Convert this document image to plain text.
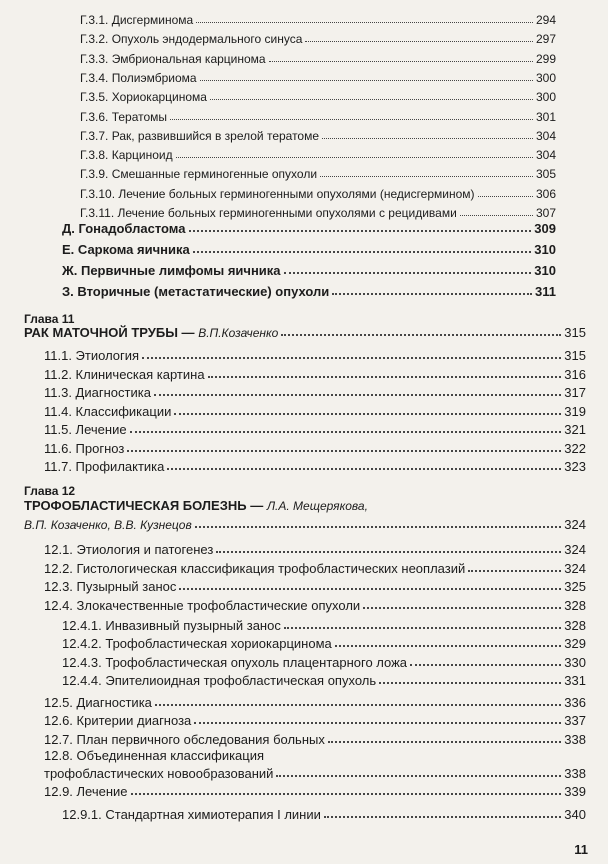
Г.3.1. Дисгерминома	294
Г.3.2. Опухоль эндодермального синуса	297
Г.3.3. Эмбриональная карцинома	299
Г.3.4. Полиэмбриома	300
Г.3.5. Хориокарцинома	300
Г.3.6. Тератомы	301
Г.3.7. Рак, развившийся в зрелой тератоме	304
Г.3.8. Карциноид	304
Г.3.9. Смешанные герминогенные опухоли	305
Г.3.10. Лечение больных герминогенными опухолями (недисгермином)	306
Г.3.11. Лечение больных герминогенными опухолями с рецидивами	307
Д. Гонадобластома	309
Е. Саркома яичника	310
Ж. Первичные лимфомы яичника	310
З. Вторичные (метастатические) опухоли	311
Глава 11
РАК МАТОЧНОЙ ТРУБЫ — В.П.Козаченко	315
11.1. Этиология	315
11.2. Клиническая картина	316
11.3. Диагностика	317
11.4. Классификации	319
11.5. Лечение	321
11.6. Прогноз	322
11.7. Профилактика	323
Глава 12
ТРОФОБЛАСТИЧЕСКАЯ БОЛЕЗНЬ — Л.А. Мещерякова,
В.П. Козаченко, В.В. Кузнецов	324
12.1. Этиология и патогенез	324
12.2. Гистологическая классификация трофобластических неоплазий	324
12.3. Пузырный занос	325
12.4. Злокачественные трофобластические опухоли	328
12.4.1. Инвазивный пузырный занос	328
12.4.2. Трофобластическая хориокарцинома	329
12.4.3. Трофобластическая опухоль плацентарного ложа	330
12.4.4. Эпителиоидная трофобластическая опухоль	331
12.5. Диагностика	336
12.6. Критерии диагноза	337
12.7. План первичного обследования больных	338
12.8. Объединенная классификация
трофобластических новообразований	338
12.9. Лечение	339
12.9.1. Стандартная химиотерапия I линии	340
11
